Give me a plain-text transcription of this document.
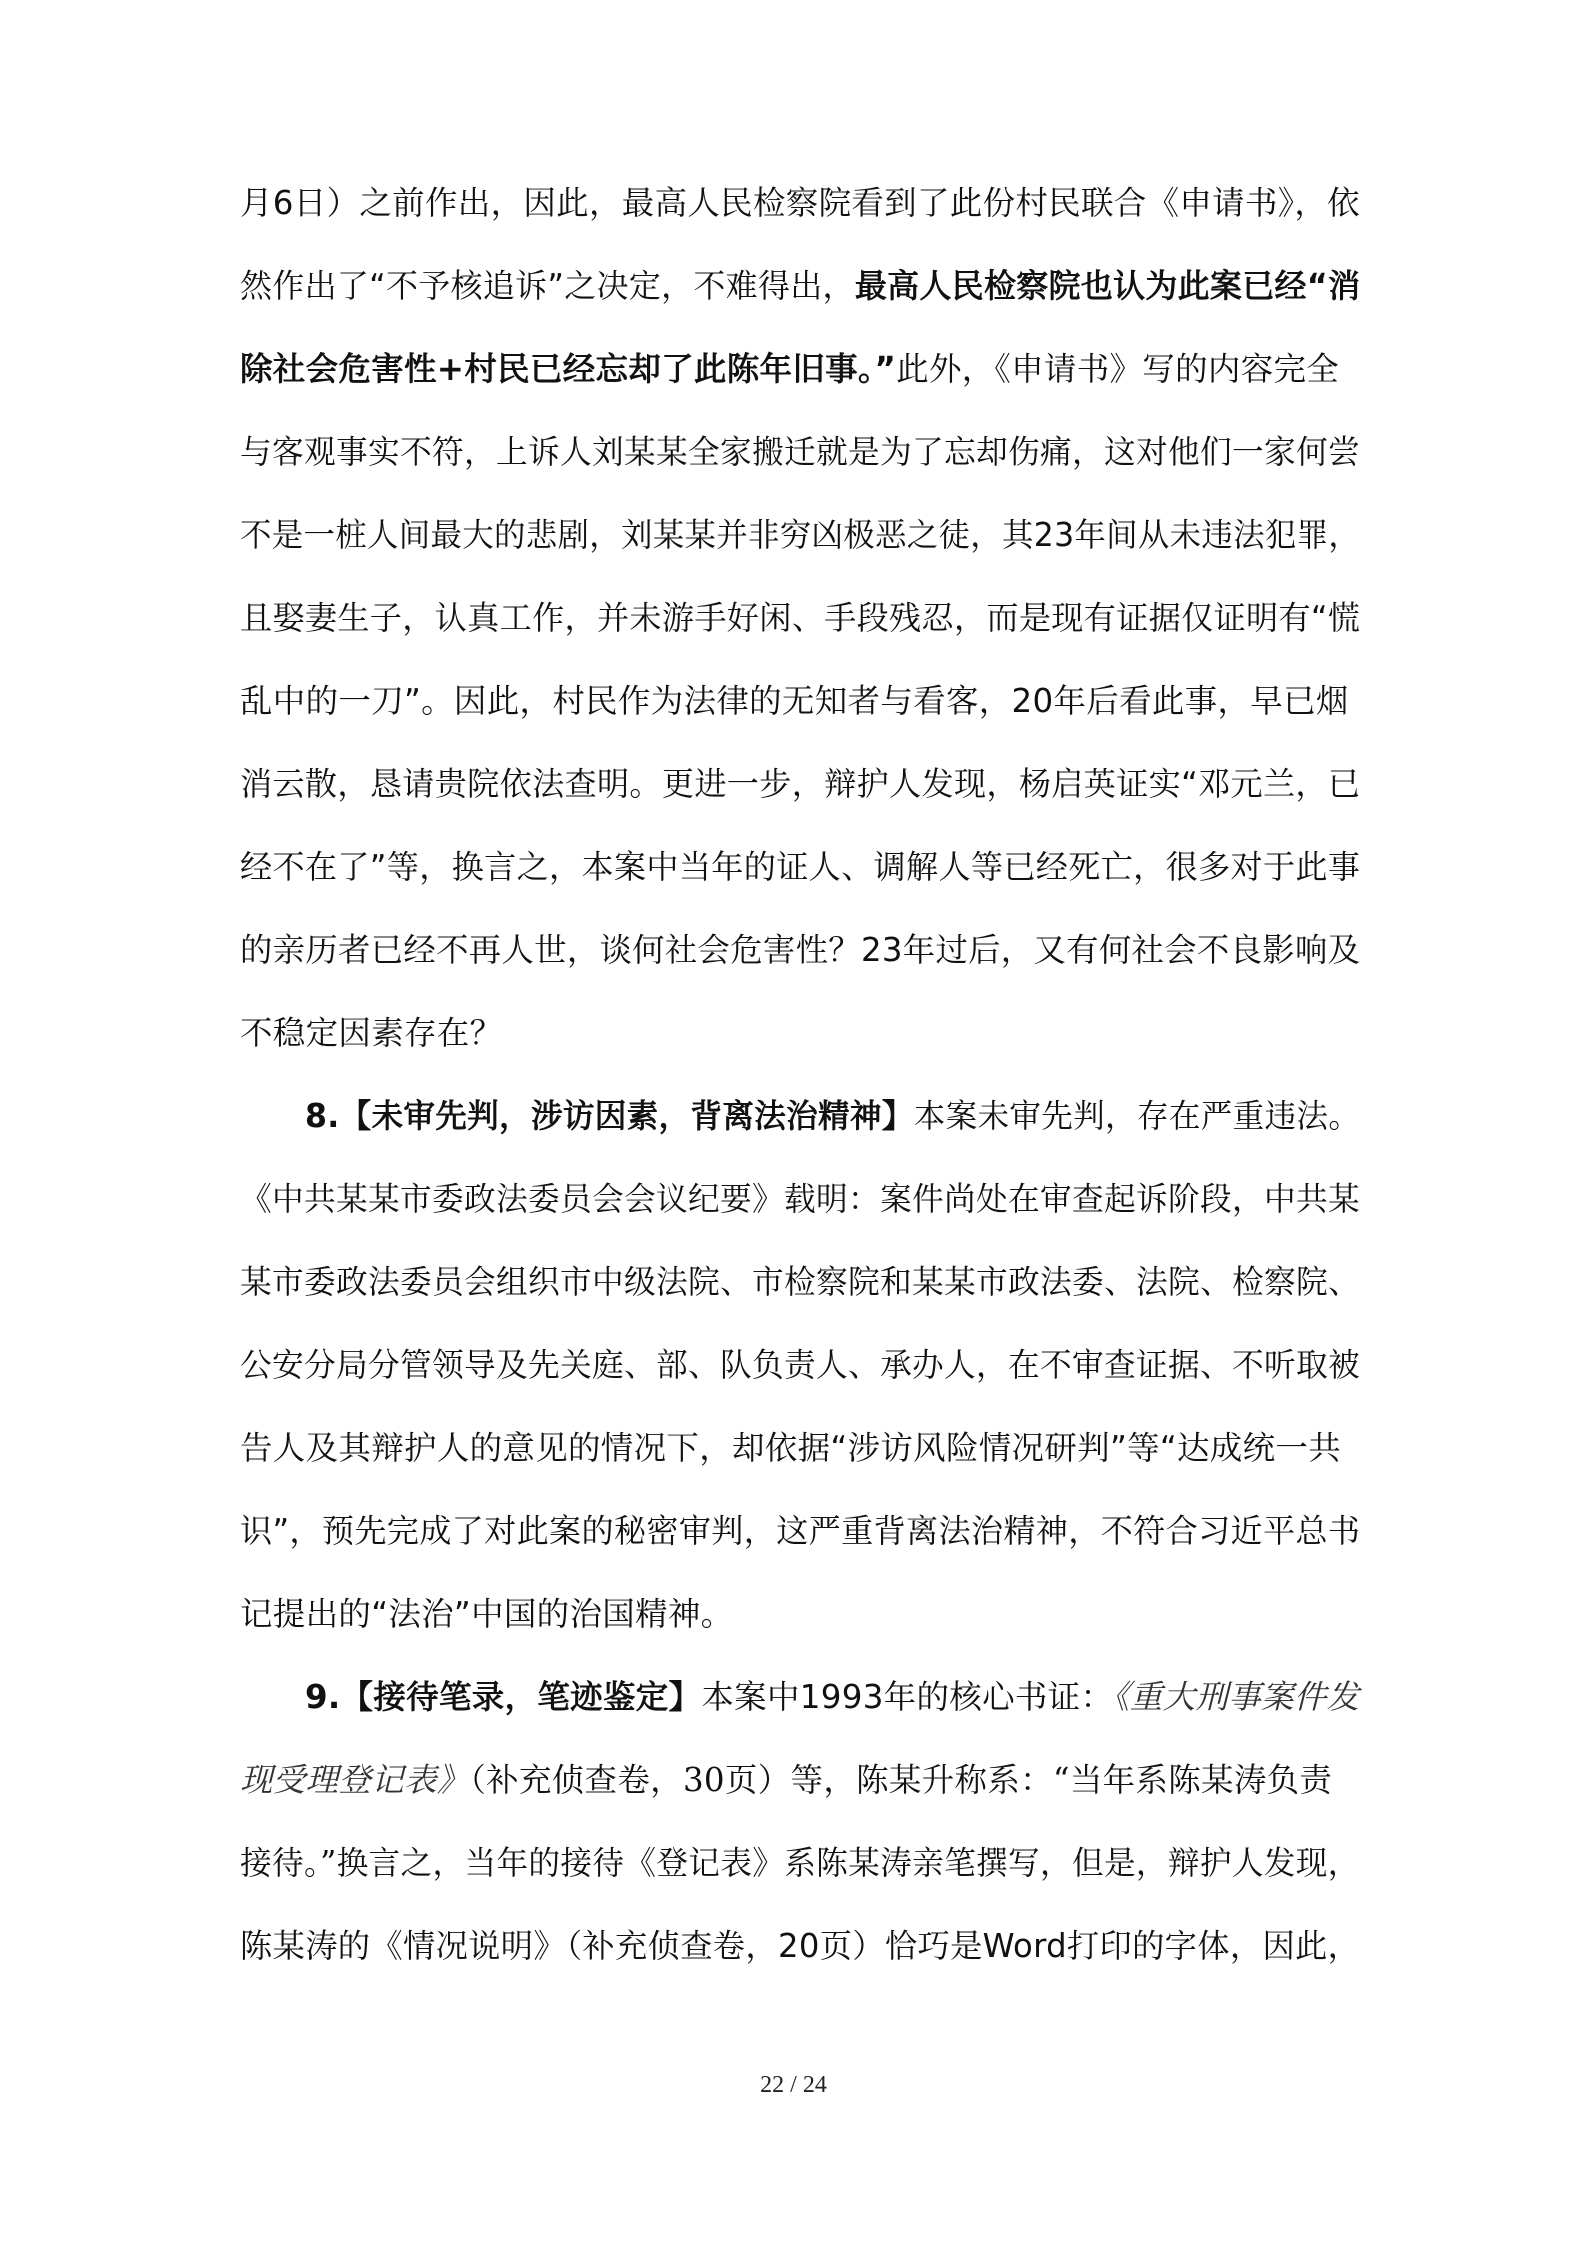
月6日）之前作出，因此，最高人民检察院看到了此份村民联合《申请书》，依

然作出了“不予核追诉”之决定，不难得出，最高人民检察院也认为此案已经“消

除社会危害性+村民已经忘却了此陈年旧事。”此外，《申请书》写的内容完全

与客观事实不符，上诉人刘某某全家搬迁就是为了忘却伤痛，这对他们一家何尝

不是一桩人间最大的悲剧，刘某某并非穷凶极恶之徒，其23年间从未违法犯罪，

且娶妻生子，认真工作，并未游手好闲、手段残忍，而是现有证据仅证明有“慌

乱中的一刀”。因此，村民作为法律的无知者与看客，20年后看此事，早已烟

消云散，恳请贵院依法查明。更进一步，辩护人发现，杨启英证实“邓元兰，已

经不在了”等，换言之，本案中当年的证人、调解人等已经死亡，很多对于此事

的亲历者已经不再人世，谈何社会危害性？23年过后，又有何社会不良影响及

不稳定因素存在？

8.【未审先判，涉访因素，背离法治精神】本案未审先判，存在严重违法。

《中共某某市委政法委员会会议纪要》载明：案件尚处在审查起诉阶段，中共某

某市委政法委员会组织市中级法院、市检察院和某某市政法委、法院、检察院、

公安分局分管领导及先关庭、部、队负责人、承办人，在不审查证据、不听取被

告人及其辩护人的意见的情况下，却依据“涉访风险情况研判”等“达成统一共

识”，预先完成了对此案的秘密审判，这严重背离法治精神，不符合习近平总书

记提出的“法治”中国的治国精神。

9.【接待笔录，笔迹鉴定】本案中1993年的核心书证：《重大刑事案件发

现受理登记表》（补充侦查卷，30页）等，陈某升称系：“当年系陈某涛负责

接待。”换言之，当年的接待《登记表》系陈某涛亲笔撰写，但是，辩护人发现，

陈某涛的《情况说明》（补充侦查卷，20页）恰巧是Word打印的字体，因此，

22 / 24
